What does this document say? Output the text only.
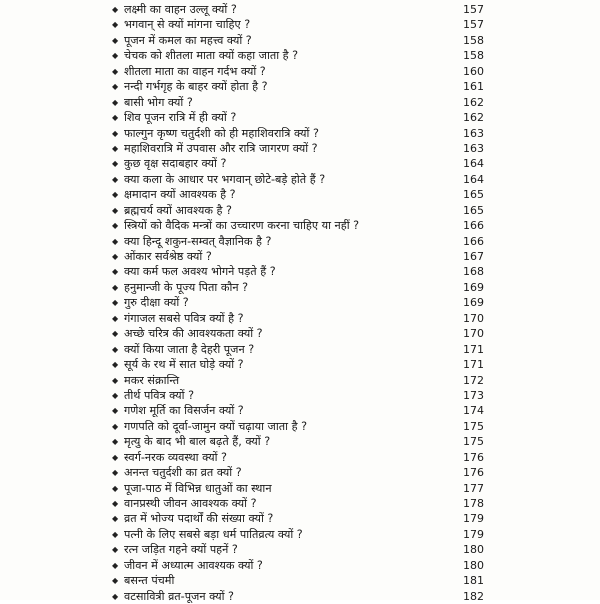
◆ लक्ष्मी का वाहन उल्लू क्यों ?	157
◆ भगवान् से क्यों मांगना चाहिए ?	157
◆ पूजन में कमल का महत्त्व क्यों ?	158
◆ चेचक को शीतला माता क्यों कहा जाता है ?	158
◆ शीतला माता का वाहन गर्दभ क्यों ?	160
◆ नन्दी गर्भगृह के बाहर क्यों होता है ?	161
◆ बासी भोग क्यों ?	162
◆ शिव पूजन रात्रि में ही क्यों ?	162
◆ फाल्गुन कृष्ण चतुर्दशी को ही महाशिवरात्रि क्यों ?	163
◆ महाशिवरात्रि में उपवास और रात्रि जागरण क्यों ?	163
◆ कुछ वृक्ष सदाबहार क्यों ?	164
◆ क्या कला के आधार पर भगवान् छोटे-बड़े होते हैं ?	164
◆ क्षमादान क्यों आवश्यक है ?	165
◆ ब्रह्मचर्य क्यों आवश्यक है ?	165
◆ स्त्रियों को वैदिक मन्त्रों का उच्चारण करना चाहिए या नहीं ?	166
◆ क्या हिन्दू शकुन-सम्वत् वैज्ञानिक है ?	166
◆ ओंकार सर्वश्रेष्ठ क्यों ?	167
◆ क्या कर्म फल अवश्य भोगने पड़ते हैं ?	168
◆ हनुमान्जी के पूज्य पिता कौन ?	169
◆ गुरु दीक्षा क्यों ?	169
◆ गंगाजल सबसे पवित्र क्यों है ?	170
◆ अच्छे चरित्र की आवश्यकता क्यों ?	170
◆ क्यों किया जाता है देहरी पूजन ?	171
◆ सूर्य के रथ में सात घोड़े क्यों ?	171
◆ मकर संक्रान्ति	172
◆ तीर्थ पवित्र क्यों ?	173
◆ गणेश मूर्ति का विसर्जन क्यों ?	174
◆ गणपति को दूर्वा-जामुन क्यों चढ़ाया जाता है ?	175
◆ मृत्यु के बाद भी बाल बढ़ते हैं, क्यों ?	175
◆ स्वर्ग-नरक व्यवस्था क्यों ?	176
◆ अनन्त चतुर्दशी का व्रत क्यों ?	176
◆ पूजा-पाठ में विभिन्न धातुओं का स्थान	177
◆ वानप्रस्थी जीवन आवश्यक क्यों ?	178
◆ व्रत में भोज्य पदार्थों की संख्या क्यों ?	179
◆ पत्नी के लिए सबसे बड़ा धर्म पातिव्रत्य क्यों ?	179
◆ रत्न जड़ित गहने क्यों पहनें ?	180
◆ जीवन में अध्यात्म आवश्यक क्यों ?	180
◆ बसन्त पंचमी	181
◆ वटसावित्री व्रत-पूजन क्यों ?	182
